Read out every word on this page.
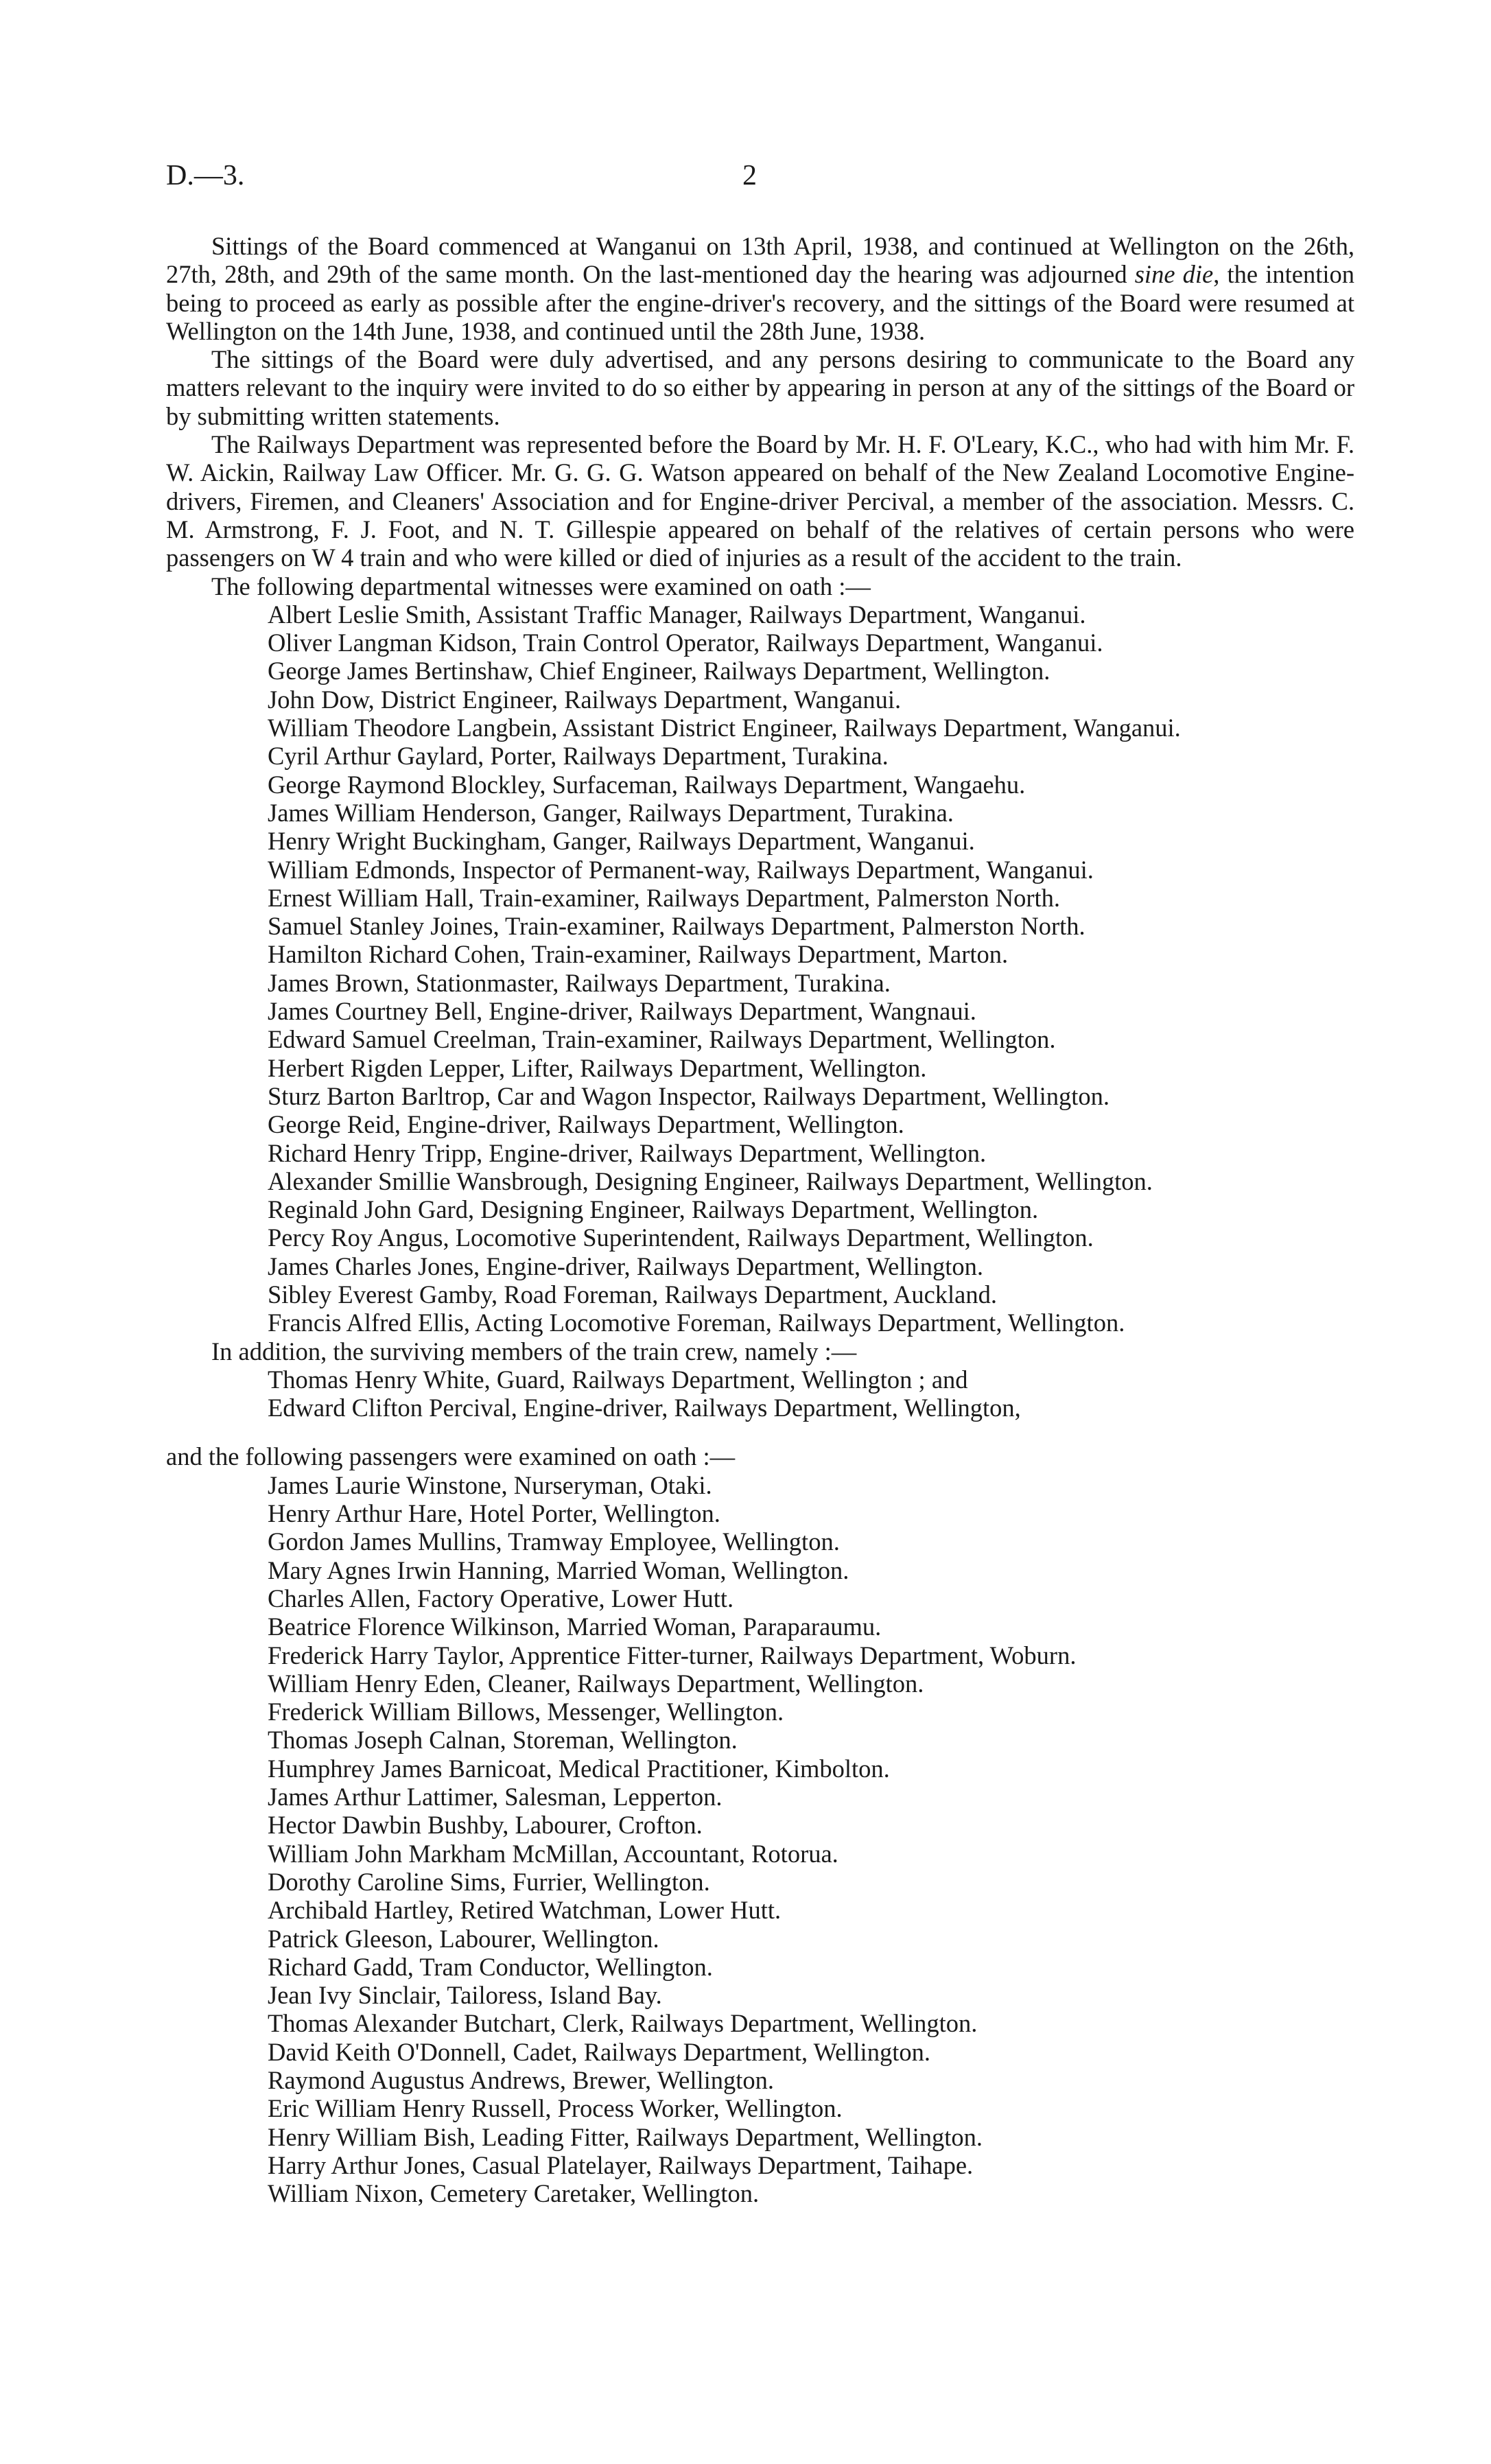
D.—3.	2

Sittings of the Board commenced at Wanganui on 13th April, 1938, and continued at Wellington on the 26th, 27th, 28th, and 29th of the same month. On the last-mentioned day the hearing was adjourned sine die, the intention being to proceed as early as possible after the engine-driver's recovery, and the sittings of the Board were resumed at Wellington on the 14th June, 1938, and continued until the 28th June, 1938.

The sittings of the Board were duly advertised, and any persons desiring to communicate to the Board any matters relevant to the inquiry were invited to do so either by appearing in person at any of the sittings of the Board or by submitting written statements.

The Railways Department was represented before the Board by Mr. H. F. O'Leary, K.C., who had with him Mr. F. W. Aickin, Railway Law Officer. Mr. G. G. G. Watson appeared on behalf of the New Zealand Locomotive Engine-drivers, Firemen, and Cleaners' Association and for Engine-driver Percival, a member of the association. Messrs. C. M. Armstrong, F. J. Foot, and N. T. Gillespie appeared on behalf of the relatives of certain persons who were passengers on W 4 train and who were killed or died of injuries as a result of the accident to the train.

The following departmental witnesses were examined on oath :—

Albert Leslie Smith, Assistant Traffic Manager, Railways Department, Wanganui.
Oliver Langman Kidson, Train Control Operator, Railways Department, Wanganui.
George James Bertinshaw, Chief Engineer, Railways Department, Wellington.
John Dow, District Engineer, Railways Department, Wanganui.
William Theodore Langbein, Assistant District Engineer, Railways Department, Wanganui.
Cyril Arthur Gaylard, Porter, Railways Department, Turakina.
George Raymond Blockley, Surfaceman, Railways Department, Wangaehu.
James William Henderson, Ganger, Railways Department, Turakina.
Henry Wright Buckingham, Ganger, Railways Department, Wanganui.
William Edmonds, Inspector of Permanent-way, Railways Department, Wanganui.
Ernest William Hall, Train-examiner, Railways Department, Palmerston North.
Samuel Stanley Joines, Train-examiner, Railways Department, Palmerston North.
Hamilton Richard Cohen, Train-examiner, Railways Department, Marton.
James Brown, Stationmaster, Railways Department, Turakina.
James Courtney Bell, Engine-driver, Railways Department, Wangnaui.
Edward Samuel Creelman, Train-examiner, Railways Department, Wellington.
Herbert Rigden Lepper, Lifter, Railways Department, Wellington.
Sturz Barton Barltrop, Car and Wagon Inspector, Railways Department, Wellington.
George Reid, Engine-driver, Railways Department, Wellington.
Richard Henry Tripp, Engine-driver, Railways Department, Wellington.
Alexander Smillie Wansbrough, Designing Engineer, Railways Department, Wellington.
Reginald John Gard, Designing Engineer, Railways Department, Wellington.
Percy Roy Angus, Locomotive Superintendent, Railways Department, Wellington.
James Charles Jones, Engine-driver, Railways Department, Wellington.
Sibley Everest Gamby, Road Foreman, Railways Department, Auckland.
Francis Alfred Ellis, Acting Locomotive Foreman, Railways Department, Wellington.

In addition, the surviving members of the train crew, namely :—

Thomas Henry White, Guard, Railways Department, Wellington ; and
Edward Clifton Percival, Engine-driver, Railways Department, Wellington,

and the following passengers were examined on oath :—

James Laurie Winstone, Nurseryman, Otaki.
Henry Arthur Hare, Hotel Porter, Wellington.
Gordon James Mullins, Tramway Employee, Wellington.
Mary Agnes Irwin Hanning, Married Woman, Wellington.
Charles Allen, Factory Operative, Lower Hutt.
Beatrice Florence Wilkinson, Married Woman, Paraparaumu.
Frederick Harry Taylor, Apprentice Fitter-turner, Railways Department, Woburn.
William Henry Eden, Cleaner, Railways Department, Wellington.
Frederick William Billows, Messenger, Wellington.
Thomas Joseph Calnan, Storeman, Wellington.
Humphrey James Barnicoat, Medical Practitioner, Kimbolton.
James Arthur Lattimer, Salesman, Lepperton.
Hector Dawbin Bushby, Labourer, Crofton.
William John Markham McMillan, Accountant, Rotorua.
Dorothy Caroline Sims, Furrier, Wellington.
Archibald Hartley, Retired Watchman, Lower Hutt.
Patrick Gleeson, Labourer, Wellington.
Richard Gadd, Tram Conductor, Wellington.
Jean Ivy Sinclair, Tailoress, Island Bay.
Thomas Alexander Butchart, Clerk, Railways Department, Wellington.
David Keith O'Donnell, Cadet, Railways Department, Wellington.
Raymond Augustus Andrews, Brewer, Wellington.
Eric William Henry Russell, Process Worker, Wellington.
Henry William Bish, Leading Fitter, Railways Department, Wellington.
Harry Arthur Jones, Casual Platelayer, Railways Department, Taihape.
William Nixon, Cemetery Caretaker, Wellington.
